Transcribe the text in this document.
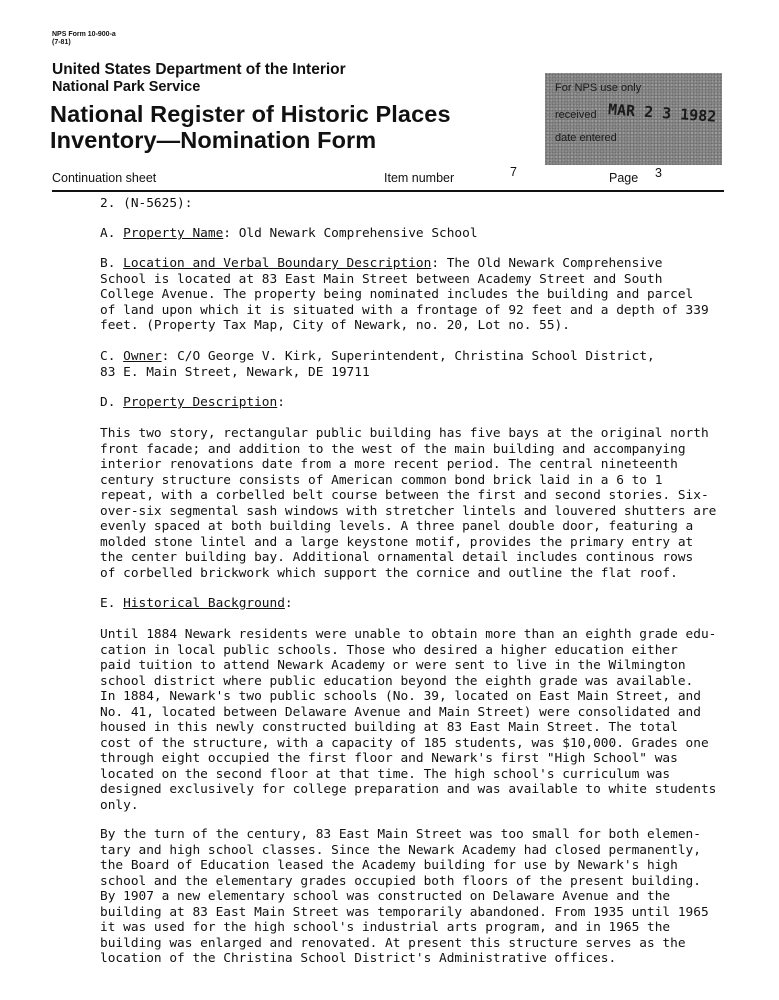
NPS Form 10-900-a
(7-81)
United States Department of the Interior
National Park Service
National Register of Historic Places
Inventory—Nomination Form
For NPS use only
received MAR 2 3 1982
date entered
Continuation sheet	Item number	7	Page 3
2. (N-5625):
A. Property Name: Old Newark Comprehensive School
B. Location and Verbal Boundary Description: The Old Newark Comprehensive
School is located at 83 East Main Street between Academy Street and South
College Avenue. The property being nominated includes the building and parcel
of land upon which it is situated with a frontage of 92 feet and a depth of 339
feet. (Property Tax Map, City of Newark, no. 20, Lot no. 55).
C. Owner: C/O George V. Kirk, Superintendent, Christina School District,
83 E. Main Street, Newark, DE 19711
D. Property Description:
This two story, rectangular public building has five bays at the original north
front facade; and addition to the west of the main building and accompanying
interior renovations date from a more recent period. The central nineteenth
century structure consists of American common bond brick laid in a 6 to 1
repeat, with a corbelled belt course between the first and second stories. Six-
over-six segmental sash windows with stretcher lintels and louvered shutters are
evenly spaced at both building levels. A three panel double door, featuring a
molded stone lintel and a large keystone motif, provides the primary entry at
the center building bay. Additional ornamental detail includes continous rows
of corbelled brickwork which support the cornice and outline the flat roof.
E. Historical Background:
Until 1884 Newark residents were unable to obtain more than an eighth grade edu-
cation in local public schools. Those who desired a higher education either
paid tuition to attend Newark Academy or were sent to live in the Wilmington
school district where public education beyond the eighth grade was available.
In 1884, Newark's two public schools (No. 39, located on East Main Street, and
No. 41, located between Delaware Avenue and Main Street) were consolidated and
housed in this newly constructed building at 83 East Main Street. The total
cost of the structure, with a capacity of 185 students, was $10,000. Grades one
through eight occupied the first floor and Newark's first "High School" was
located on the second floor at that time. The high school's curriculum was
designed exclusively for college preparation and was available to white students
only.
By the turn of the century, 83 East Main Street was too small for both elemen-
tary and high school classes. Since the Newark Academy had closed permanently,
the Board of Education leased the Academy building for use by Newark's high
school and the elementary grades occupied both floors of the present building.
By 1907 a new elementary school was constructed on Delaware Avenue and the
building at 83 East Main Street was temporarily abandoned. From 1935 until 1965
it was used for the high school's industrial arts program, and in 1965 the
building was enlarged and renovated. At present this structure serves as the
location of the Christina School District's Administrative offices.
